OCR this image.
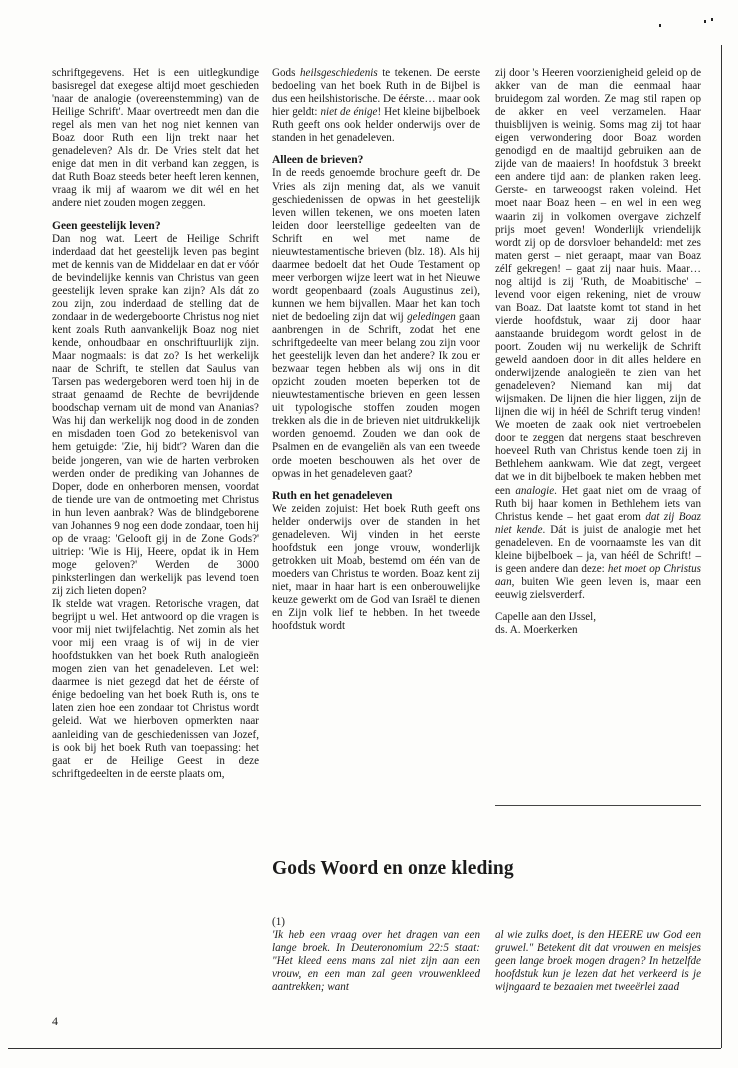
schriftgegevens. Het is een uitlegkundige basisregel dat exegese altijd moet geschieden 'naar de analogie (overeenstemming) van de Heilige Schrift'. Maar overtreedt men dan die regel als men van het nog niet kennen van Boaz door Ruth een lijn trekt naar het genadeleven? Als dr. De Vries stelt dat het enige dat men in dit verband kan zeggen, is dat Ruth Boaz steeds beter heeft leren kennen, vraag ik mij af waarom we dit wél en het andere niet zouden mogen zeggen.

Geen geestelijk leven?

Dan nog wat. Leert de Heilige Schrift inderdaad dat het geestelijk leven pas begint met de kennis van de Middelaar en dat er vóór de bevindelijke kennis van Christus van geen geestelijk leven sprake kan zijn? Als dát zo zou zijn, zou inderdaad de stelling dat de zondaar in de wedergeboorte Christus nog niet kent zoals Ruth aanvankelijk Boaz nog niet kende, onhoudbaar en onschriftuurlijk zijn. Maar nogmaals: is dat zo? Is het werkelijk naar de Schrift, te stellen dat Saulus van Tarsen pas wedergeboren werd toen hij in de straat genaamd de Rechte de bevrijdende boodschap vernam uit de mond van Ananias? Was hij dan werkelijk nog dood in de zonden en misdaden toen God zo betekenisvol van hem getuigde: 'Zie, hij bidt'? Waren dan die beide jongeren, van wie de harten verbroken werden onder de prediking van Johannes de Doper, dode en onherboren mensen, voordat de tiende ure van de ontmoeting met Christus in hun leven aanbrak? Was de blindgeborene van Johannes 9 nog een dode zondaar, toen hij op de vraag: 'Gelooft gij in de Zone Gods?' uitriep: 'Wie is Hij, Heere, opdat ik in Hem moge geloven?' Werden de 3000 pinksterlingen dan werkelijk pas levend toen zij zich lieten dopen?

Ik stelde wat vragen. Retorische vragen, dat begrijpt u wel. Het antwoord op die vragen is voor mij niet twijfelachtig. Net zomin als het voor mij een vraag is of wij in de vier hoofdstukken van het boek Ruth analogieën mogen zien van het genadeleven. Let wel: daarmee is niet gezegd dat het de éérste of énige bedoeling van het boek Ruth is, ons te laten zien hoe een zondaar tot Christus wordt geleid. Wat we hierboven opmerkten naar aanleiding van de geschiedenissen van Jozef, is ook bij het boek Ruth van toepassing: het gaat er de Heilige Geest in deze schriftgedeelten in de eerste plaats om,

Gods heilsgeschiedenis te tekenen. De eerste bedoeling van het boek Ruth in de Bijbel is dus een heilshistorische. De éérste… maar ook hier geldt: niet de énige! Het kleine bijbelboek Ruth geeft ons ook helder onderwijs over de standen in het genadeleven.

Alleen de brieven?

In de reeds genoemde brochure geeft dr. De Vries als zijn mening dat, als we vanuit geschiedenissen de opwas in het geestelijk leven willen tekenen, we ons moeten laten leiden door leerstellige gedeelten van de Schrift en wel met name de nieuwtestamentische brieven (blz. 18). Als hij daarmee bedoelt dat het Oude Testament op meer verborgen wijze leert wat in het Nieuwe wordt geopenbaard (zoals Augustinus zei), kunnen we hem bijvallen. Maar het kan toch niet de bedoeling zijn dat wij geledingen gaan aanbrengen in de Schrift, zodat het ene schriftgedeelte van meer belang zou zijn voor het geestelijk leven dan het andere? Ik zou er bezwaar tegen hebben als wij ons in dit opzicht zouden moeten beperken tot de nieuwtestamentische brieven en geen lessen uit typologische stoffen zouden mogen trekken als die in de brieven niet uitdrukkelijk worden genoemd. Zouden we dan ook de Psalmen en de evangeliën als van een tweede orde moeten beschouwen als het over de opwas in het genadeleven gaat?

Ruth en het genadeleven

We zeiden zojuist: Het boek Ruth geeft ons helder onderwijs over de standen in het genadeleven. Wij vinden in het eerste hoofdstuk een jonge vrouw, wonderlijk getrokken uit Moab, bestemd om één van de moeders van Christus te worden. Boaz kent zij niet, maar in haar hart is een onberouwelijke keuze gewerkt om de God van Israël te dienen en Zijn volk lief te hebben. In het tweede hoofdstuk wordt

zij door 's Heeren voorzienigheid geleid op de akker van de man die eenmaal haar bruidegom zal worden. Ze mag stil rapen op de akker en veel verzamelen. Haar thuisblijven is weinig. Soms mag zij tot haar eigen verwondering door Boaz worden genodigd en de maaltijd gebruiken aan de zijde van de maaiers! In hoofdstuk 3 breekt een andere tijd aan: de planken raken leeg. Gerste- en tarweoogst raken voleind. Het moet naar Boaz heen – en wel in een weg waarin zij in volkomen overgave zichzelf prijs moet geven! Wonderlijk vriendelijk wordt zij op de dorsvloer behandeld: met zes maten gerst – niet geraapt, maar van Boaz zélf gekregen! – gaat zij naar huis. Maar… nog altijd is zij 'Ruth, de Moabitische' – levend voor eigen rekening, niet de vrouw van Boaz. Dat laatste komt tot stand in het vierde hoofdstuk, waar zij door haar aanstaande bruidegom wordt gelost in de poort. Zouden wij nu werkelijk de Schrift geweld aandoen door in dit alles heldere en onderwijzende analogieën te zien van het genadeleven? Niemand kan mij dat wijsmaken. De lijnen die hier liggen, zijn de lijnen die wij in héél de Schrift terug vinden! We moeten de zaak ook niet vertroebelen door te zeggen dat nergens staat beschreven hoeveel Ruth van Christus kende toen zij in Bethlehem aankwam. Wie dat zegt, vergeet dat we in dit bijbelboek te maken hebben met een analogie. Het gaat niet om de vraag of Ruth bij haar komen in Bethlehem iets van Christus kende – het gaat erom dat zij Boaz niet kende. Dát is juist de analogie met het genadeleven. En de voornaamste les van dit kleine bijbelboek – ja, van héél de Schrift! – is geen andere dan deze: het moet op Christus aan, buiten Wie geen leven is, maar een eeuwig zielsverderf.

Capelle aan den IJssel,

ds. A. Moerkerken

Gods Woord en onze kleding

(1)

'Ik heb een vraag over het dragen van een lange broek. In Deuteronomium 22:5 staat: "Het kleed eens mans zal niet zijn aan een vrouw, en een man zal geen vrouwenkleed aantrekken; want

al wie zulks doet, is den HEERE uw God een gruwel." Betekent dit dat vrouwen en meisjes geen lange broek mogen dragen? In hetzelfde hoofdstuk kun je lezen dat het verkeerd is je wijngaard te bezaaien met tweeërlei zaad

4
